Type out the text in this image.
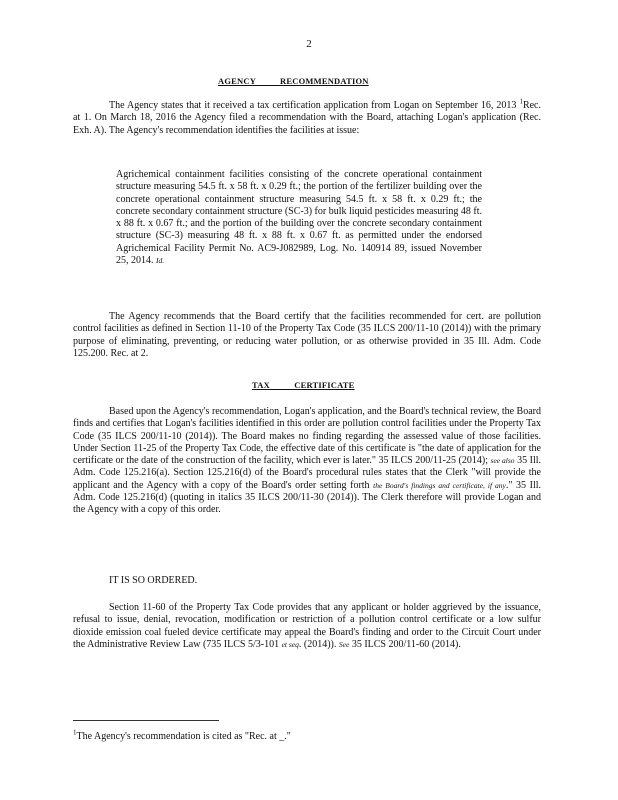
2
AGENCY RECOMMENDATION

The Agency states that it received a tax certification application from Logan on September 16, 2013 $^1$Rec. at 1. On March 18, 2016 the Agency filed a recommendation with the Board, attaching Logan's application (Rec. Exh. A). The Agency's recommendation identifies the facilities at issue:

Agrichemical containment facilities consisting of the concrete operational containment structure measuring 54.5 ft. x 58 ft. x 0.29 ft.; the portion of the fertilizer building over the concrete operational containment structure measuring 54.5 ft. x 58 ft. x 0.29 ft.; the concrete secondary containment structure (SC-3) for bulk liquid pesticides measuring 48 ft. x 88 ft. x 0.67 ft.; and the portion of the building over the concrete secondary containment structure (SC-3) measuring 48 ft. x 88 ft. x 0.67 ft. as permitted under the endorsed Agrichemical Facility Permit No. AC9-J082989, Log. No. 140914 89, issued November 25, 2014. Id.

The Agency recommends that the Board certify that the facilities recommended for cert. are pollution control facilities as defined in Section 11-10 of the Property Tax Code (35 ILCS 200/11-10 (2014)) with the primary purpose of eliminating, preventing, or reducing water pollution, or as otherwise provided in 35 Ill. Adm. Code 125.200. Rec. at 2.

TAX CERTIFICATE

Based upon the Agency's recommendation, Logan's application, and the Board's technical review, the Board finds and certifies that Logan's facilities identified in this order are pollution control facilities under the Property Tax Code (35 ILCS 200/11-10 (2014)). The Board makes no finding regarding the assessed value of those facilities. Under Section 11-25 of the Property Tax Code, the effective date of this certificate is "the date of application for the certificate or the date of the construction of the facility, which ever is later." 35 ILCS 200/11-25 (2014); see also 35 Ill. Adm. Code 125.216(a). Section 125.216(d) of the Board's procedural rules states that the Clerk "will provide the applicant and the Agency with a copy of the Board's order setting forth the Board's findings and certificate, if any." 35 Ill. Adm. Code 125.216(d) (quoting in italics 35 ILCS 200/11-30 (2014)). The Clerk therefore will provide Logan and the Agency with a copy of this order.

IT IS SO ORDERED.

Section 11-60 of the Property Tax Code provides that any applicant or holder aggrieved by the issuance, refusal to issue, denial, revocation, modification or restriction of a pollution control certificate or a low sulfur dioxide emission coal fueled device certificate may appeal the Board's finding and order to the Circuit Court under the Administrative Review Law (735 ILCS 5/3-101 et seq. (2014)). See 35 ILCS 200/11-60 (2014).

$^1$The Agency's recommendation is cited as "Rec. at _."
